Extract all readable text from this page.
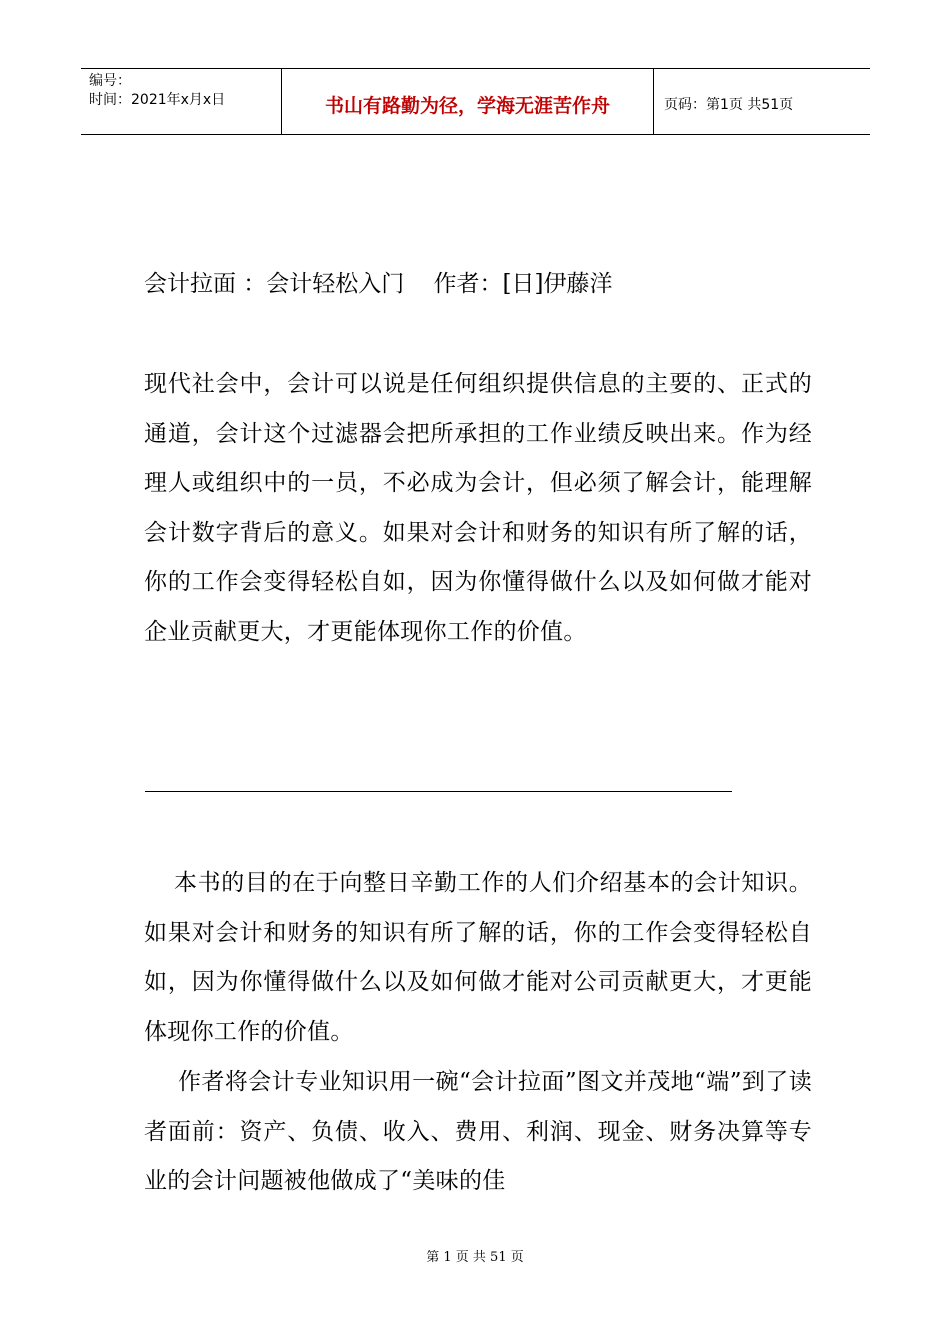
编号：
时间：2021年x月x日	书山有路勤为径，学海无涯苦作舟	页码：第1页 共51页
会计拉面 ：会计轻松入门    作者：[日]伊藤洋
现代社会中，会计可以说是任何组织提供信息的主要的、正式的通道，会计这个过滤器会把所承担的工作业绩反映出来。作为经理人或组织中的一员，不必成为会计，但必须了解会计，能理解会计数字背后的意义。如果对会计和财务的知识有所了解的话，你的工作会变得轻松自如，因为你懂得做什么以及如何做才能对企业贡献更大，才更能体现你工作的价值。
本书的目的在于向整日辛勤工作的人们介绍基本的会计知识。如果对会计和财务的知识有所了解的话，你的工作会变得轻松自如，因为你懂得做什么以及如何做才能对公司贡献更大，才更能体现你工作的价值。
作者将会计专业知识用一碗“会计拉面”图文并茂地“端”到了读者面前：资产、负债、收入、费用、利润、现金、财务决算等专业的会计问题被他做成了“美味的佳
第 1 页 共 51 页
